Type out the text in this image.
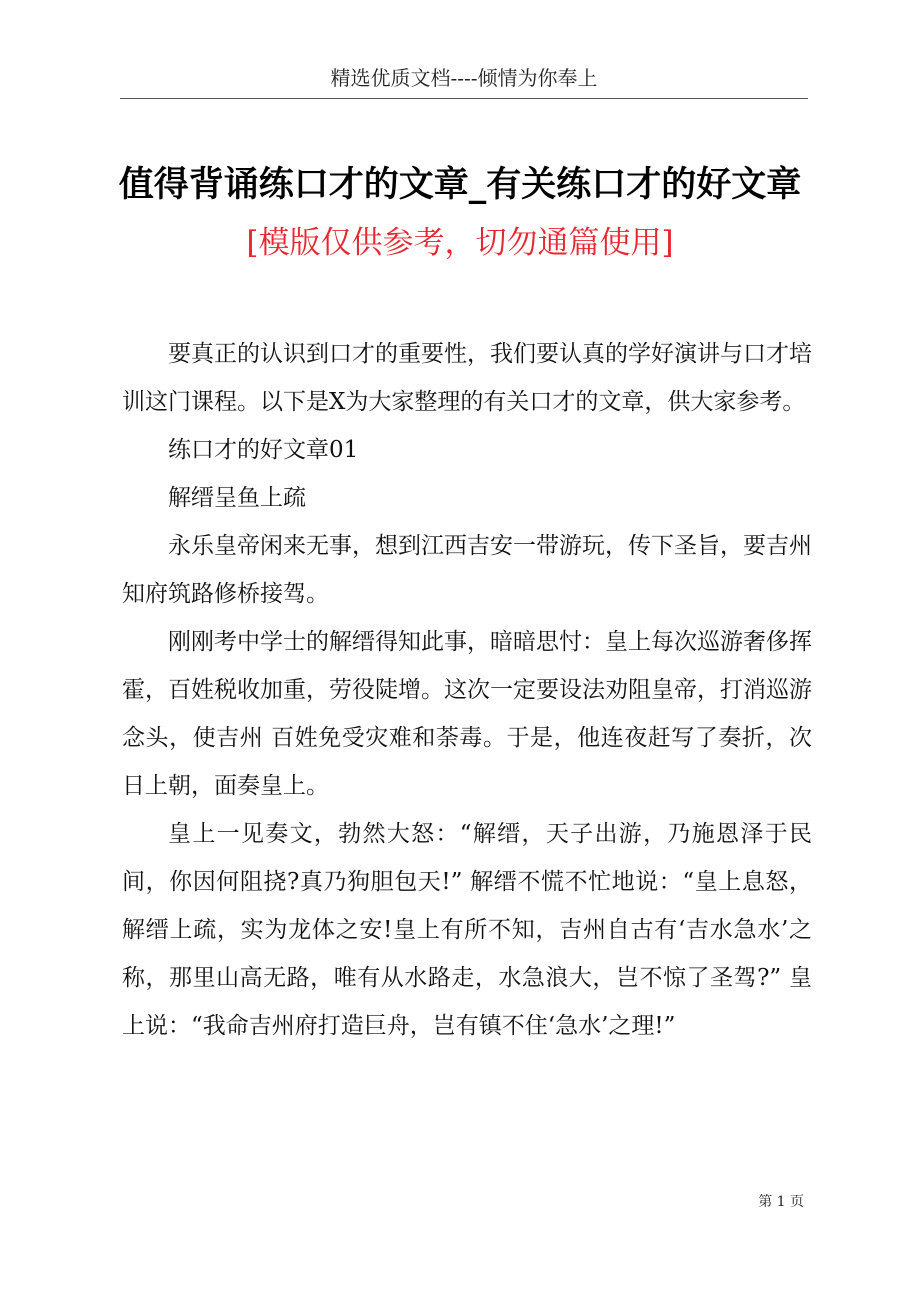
精选优质文档----倾情为你奉上
值得背诵练口才的文章_有关练口才的好文章
[模版仅供参考，切勿通篇使用]

要真正的认识到口才的重要性，我们要认真的学好演讲与口才培训这门课程。以下是X为大家整理的有关口才的文章，供大家参考。

练口才的好文章01

解缙呈鱼上疏

永乐皇帝闲来无事，想到江西吉安一带游玩，传下圣旨，要吉州知府筑路修桥接驾。

刚刚考中学士的解缙得知此事，暗暗思忖：皇上每次巡游奢侈挥霍，百姓税收加重，劳役陡增。这次一定要设法劝阻皇帝，打消巡游念头，使吉州 百姓免受灾难和荼毒。于是，他连夜赶写了奏折，次日上朝，面奏皇上。

皇上一见奏文，勃然大怒：“解缙，天子出游，乃施恩泽于民间，你因何阻挠?真乃狗胆包天!” 解缙不慌不忙地说：“皇上息怒，解缙上疏，实为龙体之安!皇上有所不知，吉州自古有‘吉水急水’之称，那里山高无路，唯有从水路走，水急浪大，岂不惊了圣驾?” 皇上说：“我命吉州府打造巨舟，岂有镇不住‘急水’之理!”

第 1 页
